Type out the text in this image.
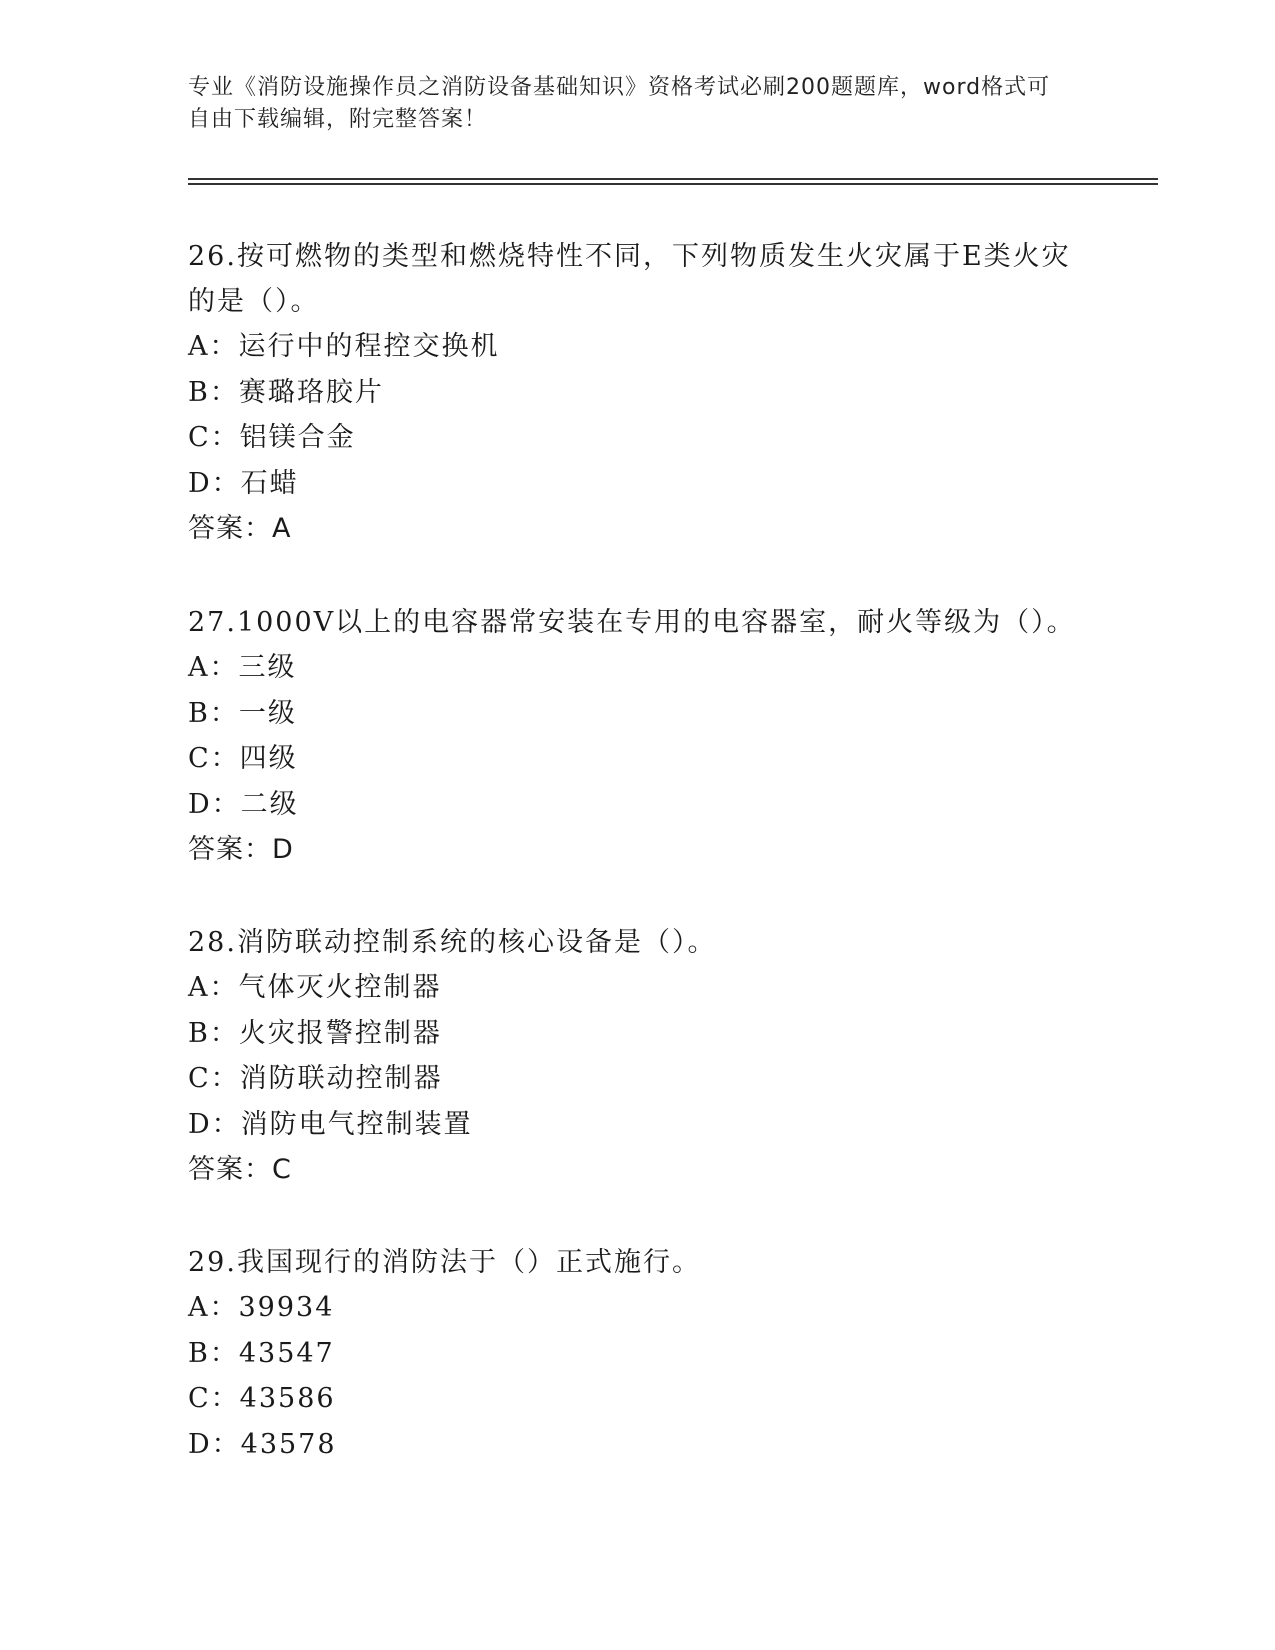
专业《消防设施操作员之消防设备基础知识》资格考试必刷200题题库，word格式可自由下载编辑，附完整答案！

26.按可燃物的类型和燃烧特性不同，下列物质发生火灾属于E类火灾的是（）。

A：运行中的程控交换机

B：赛璐珞胶片

C：铝镁合金

D：石蜡

答案：A

27.1000V以上的电容器常安装在专用的电容器室，耐火等级为（）。

A：三级

B：一级

C：四级

D：二级

答案：D

28.消防联动控制系统的核心设备是（）。

A：气体灭火控制器

B：火灾报警控制器

C：消防联动控制器

D：消防电气控制装置

答案：C

29.我国现行的消防法于（）正式施行。

A：39934

B：43547

C：43586

D：43578
